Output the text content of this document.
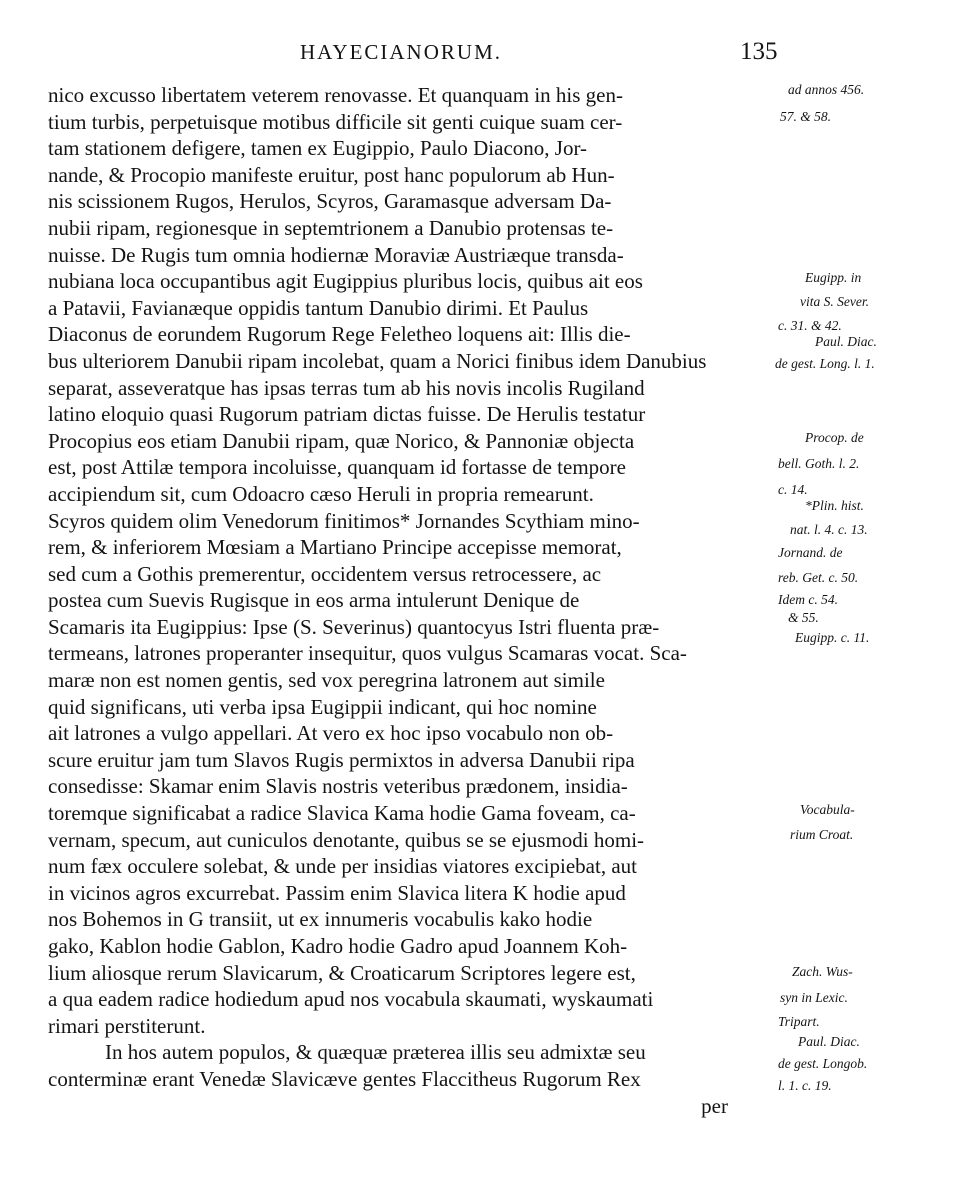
HAYECIANORUM.	135
nico excusso libertatem veterem renovasse. Et quanquam in his gen-
tium turbis, perpetuisque motibus difficile sit genti cuique suam cer-
tam stationem defigere, tamen ex Eugippio, Paulo Diacono, Jor-
nande, & Procopio manifeste eruitur, post hanc populorum ab Hun-
nis scissionem Rugos, Herulos, Scyros, Garamasque adversam Da-
nubii ripam, regionesque in septemtrionem a Danubio protensas te-
nuisse. De Rugis tum omnia hodiernæ Moraviæ Austriæque transda-
nubiana loca occupantibus agit Eugippius pluribus locis, quibus ait eos
a Patavii, Favianæque oppidis tantum Danubio dirimi. Et Paulus
Diaconus de eorundem Rugorum Rege Feletheo loquens ait: Illis die-
bus ulteriorem Danubii ripam incolebat, quam a Norici finibus idem Danubius
separat, asseveratque has ipsas terras tum ab his novis incolis Rugiland
latino eloquio quasi Rugorum patriam dictas fuisse. De Herulis testatur
Procopius eos etiam Danubii ripam, quæ Norico, & Pannoniæ objecta
est, post Attilæ tempora incoluisse, quanquam id fortasse de tempore
accipiendum sit, cum Odoacro cæso Heruli in propria remearunt.
Scyros quidem olim Venedorum finitimos* Jornandes Scythiam mino-
rem, & inferiorem Mœsiam a Martiano Principe accepisse memorat,
sed cum a Gothis premerentur, occidentem versus retrocessere, ac
postea cum Suevis Rugisque in eos arma intulerunt Denique de
Scamaris ita Eugippius: Ipse (S. Severinus) quantocyus Istri fluenta præ-
termeans, latrones properanter insequitur, quos vulgus Scamaras vocat. Sca-
maræ non est nomen gentis, sed vox peregrina latronem aut simile
quid significans, uti verba ipsa Eugippii indicant, qui hoc nomine
ait latrones a vulgo appellari. At vero ex hoc ipso vocabulo non ob-
scure eruitur jam tum Slavos Rugis permixtos in adversa Danubii ripa
consedisse: Skamar enim Slavis nostris veteribus prædonem, insidia-
toremque significabat a radice Slavica Kama hodie Gama foveam, ca-
vernam, specum, aut cuniculos denotante, quibus se se ejusmodi homi-
num fæx occulere solebat, & unde per insidias viatores excipiebat, aut
in vicinos agros excurrebat. Passim enim Slavica litera K hodie apud
nos Bohemos in G transiit, ut ex innumeris vocabulis kako hodie
gako, Kablon hodie Gablon, Kadro hodie Gadro apud Joannem Koh-
lium aliosque rerum Slavicarum, & Croaticarum Scriptores legere est,
a qua eadem radice hodiedum apud nos vocabula skaumati, wyskaumati
rimari perstiterunt.
In hos autem populos, & quæquæ præterea illis seu admixtæ seu
conterminæ erant Venedæ Slavicæve gentes Flaccitheus Rugorum Rex
per
ad annos 456.
57. & 58.
Eugipp. in
vita S. Sever.
c. 31. & 42.
Paul. Diac.
de gest. Long. l. 1.
Procop. de
bell. Goth. l. 2.
c. 14.
*Plin. hist.
nat. l. 4. c. 13.
Jornand. de
reb. Get. c. 50.
Idem c. 54.
& 55.
Eugipp. c. 11.
Vocabula-
rium Croat.
Zach. Wus-
syn in Lexic.
Tripart.
Paul. Diac.
de gest. Longob.
l. 1. c. 19.
